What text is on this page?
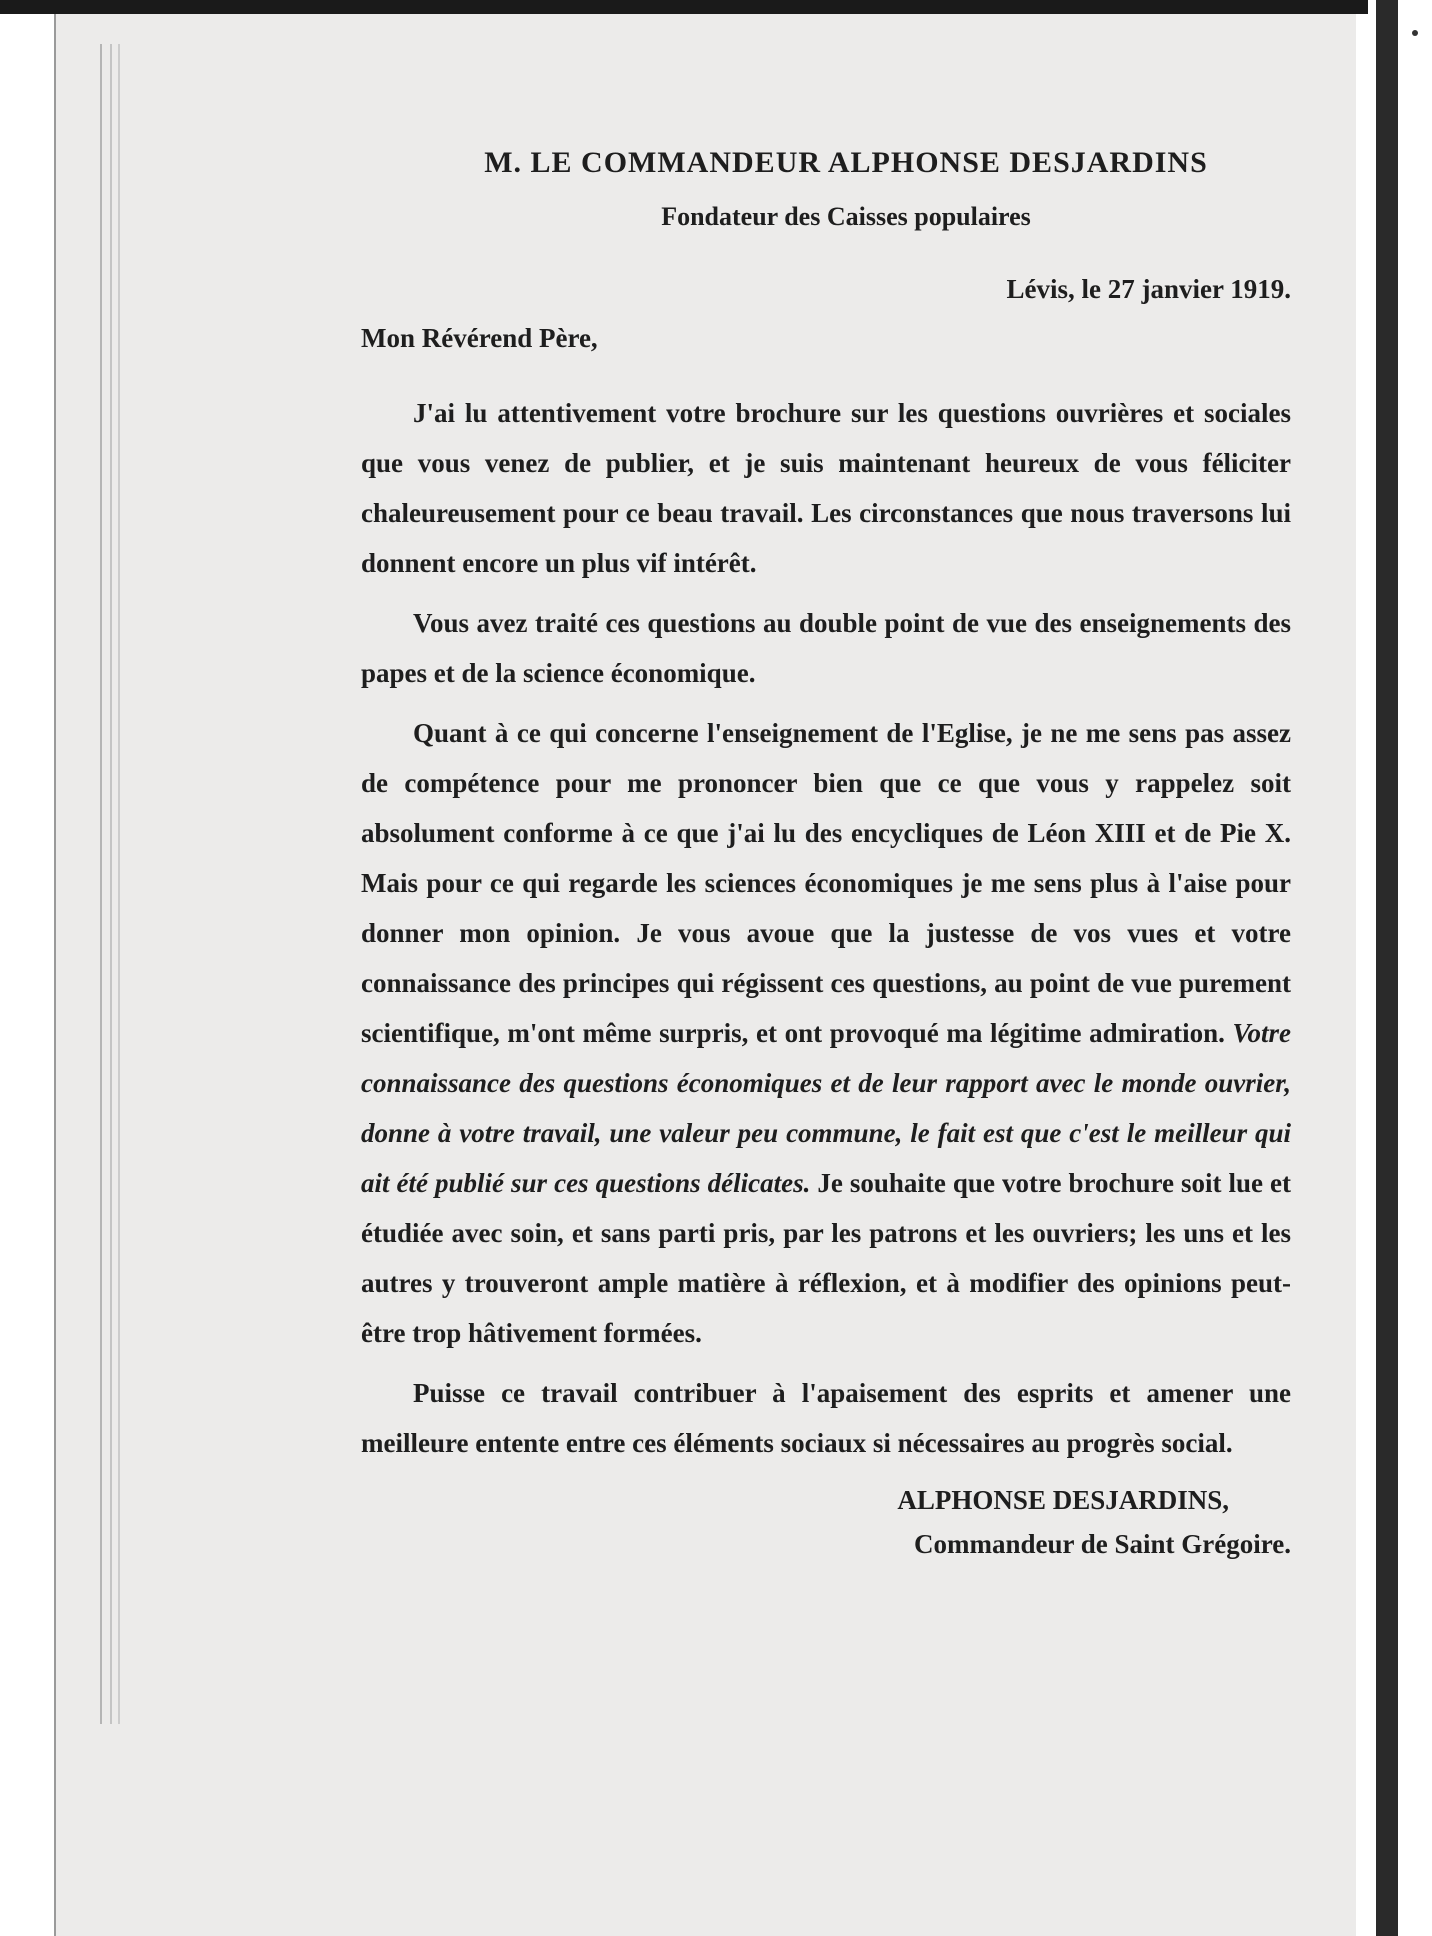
M. LE COMMANDEUR ALPHONSE DESJARDINS

Fondateur des Caisses populaires

Lévis, le 27 janvier 1919.

Mon Révérend Père,

J'ai lu attentivement votre brochure sur les questions ouvrières et sociales que vous venez de publier, et je suis maintenant heureux de vous féliciter chaleureusement pour ce beau travail. Les circonstances que nous traversons lui donnent encore un plus vif intérêt.

Vous avez traité ces questions au double point de vue des enseignements des papes et de la science économique.

Quant à ce qui concerne l'enseignement de l'Eglise, je ne me sens pas assez de compétence pour me prononcer bien que ce que vous y rappelez soit absolument conforme à ce que j'ai lu des encycliques de Léon XIII et de Pie X. Mais pour ce qui regarde les sciences économiques je me sens plus à l'aise pour donner mon opinion. Je vous avoue que la justesse de vos vues et votre connaissance des principes qui régissent ces questions, au point de vue purement scientifique, m'ont même surpris, et ont provoqué ma légitime admiration. Votre connaissance des questions économiques et de leur rapport avec le monde ouvrier, donne à votre travail, une valeur peu commune, le fait est que c'est le meilleur qui ait été publié sur ces questions délicates. Je souhaite que votre brochure soit lue et étudiée avec soin, et sans parti pris, par les patrons et les ouvriers; les uns et les autres y trouveront ample matière à réflexion, et à modifier des opinions peut-être trop hâtivement formées.

Puisse ce travail contribuer à l'apaisement des esprits et amener une meilleure entente entre ces éléments sociaux si nécessaires au progrès social.

ALPHONSE DESJARDINS,
Commandeur de Saint Grégoire.
